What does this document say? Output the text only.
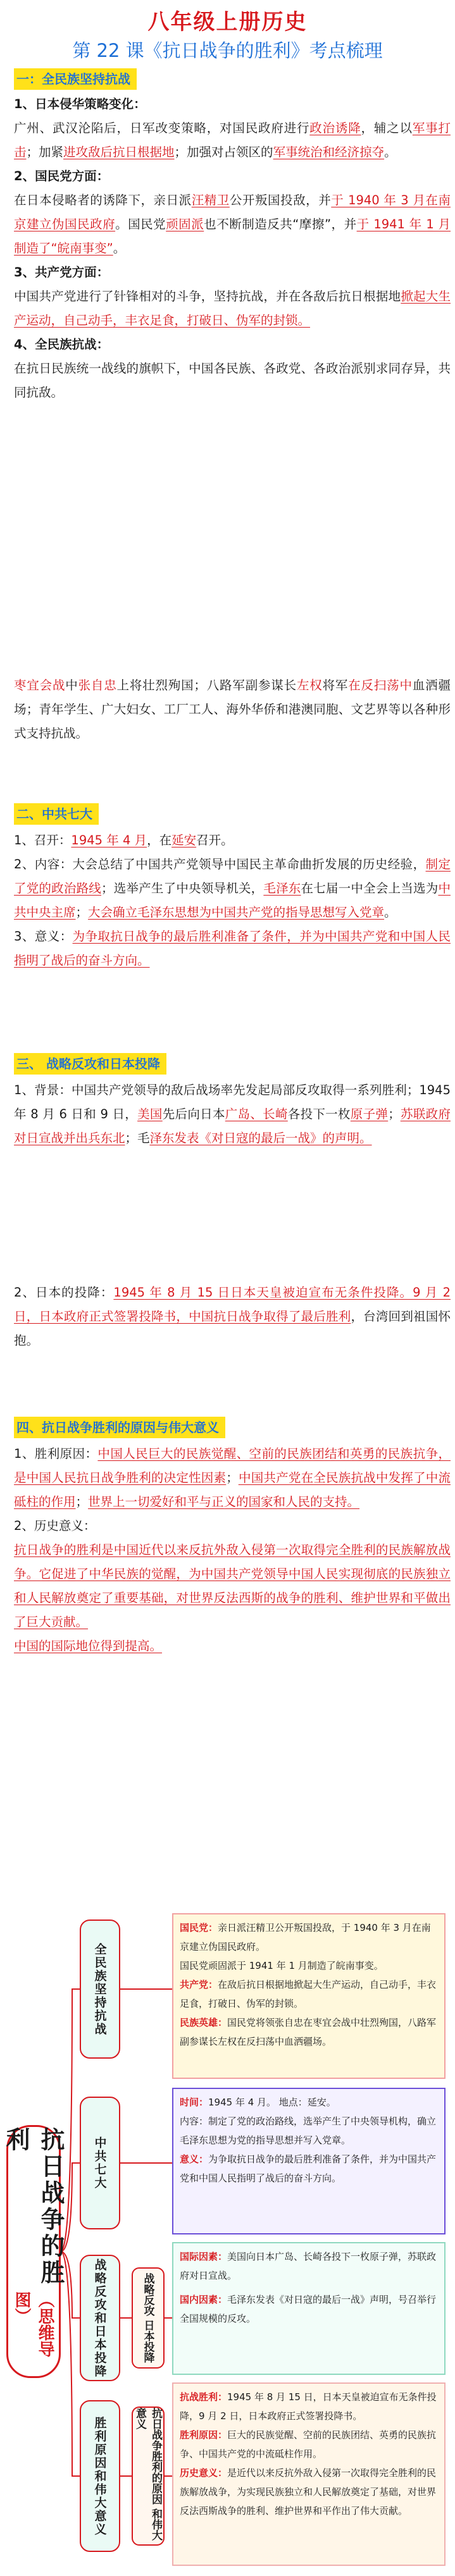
八年级上册历史
第 22 课《抗日战争的胜利》考点梳理
一：全民族坚持抗战
1、日本侵华策略变化：
广州、武汉沦陷后，日军改变策略，对国民政府进行政治诱降，辅之以军事打击；加紧进攻敌后抗日根据地；加强对占领区的军事统治和经济掠夺。
2、国民党方面：
在日本侵略者的诱降下，亲日派汪精卫公开叛国投敌，并于 1940 年 3 月在南京建立伪国民政府。国民党顽固派也不断制造反共“摩擦”，并于 1941 年 1 月制造了“皖南事变”。
3、共产党方面：
中国共产党进行了针锋相对的斗争，坚持抗战，并在各敌后抗日根据地掀起大生产运动，自己动手，丰衣足食，打破日、伪军的封锁。
4、全民族抗战：
在抗日民族统一战线的旗帜下，中国各民族、各政党、各政治派别求同存异，共同抗敌。
枣宜会战中张自忠上将壮烈殉国；八路军副参谋长左权将军在反扫荡中血洒疆场；青年学生、广大妇女、工厂工人、海外华侨和港澳同胞、文艺界等以各种形式支持抗战。
二、中共七大
1、召开：1945 年 4 月，在延安召开。
2、内容：大会总结了中国共产党领导中国民主革命曲折发展的历史经验，制定了党的政治路线；选举产生了中央领导机关，毛泽东在七届一中全会上当选为中共中央主席；大会确立毛泽东思想为中国共产党的指导思想写入党章。
3、意义：为争取抗日战争的最后胜利准备了条件，并为中国共产党和中国人民指明了战后的奋斗方向。
三、 战略反攻和日本投降
1、背景：中国共产党领导的敌后战场率先发起局部反攻取得一系列胜利；1945 年 8 月 6 日和 9 日，美国先后向日本广岛、长崎各投下一枚原子弹；苏联政府对日宣战并出兵东北；毛泽东发表《对日寇的最后一战》的声明。
2、日本的投降：1945 年 8 月 15 日日本天皇被迫宣布无条件投降。9 月 2 日，日本政府正式签署投降书，中国抗日战争取得了最后胜利，台湾回到祖国怀抱。
四、抗日战争胜利的原因与伟大意义
1、胜利原因：中国人民巨大的民族觉醒、空前的民族团结和英勇的民族抗争，是中国人民抗日战争胜利的决定性因素；中国共产党在全民族抗战中发挥了中流砥柱的作用；世界上一切爱好和平与正义的国家和人民的支持。
2、历史意义：
抗日战争的胜利是中国近代以来反抗外敌入侵第一次取得完全胜利的民族解放战争。它促进了中华民族的觉醒，为中国共产党领导中国人民实现彻底的民族独立和人民解放奠定了重要基础，对世界反法西斯的战争的胜利、维护世界和平做出了巨大贡献。
中国的国际地位得到提高。
抗日战争的胜利
（思维导图）
全民族坚持抗战
中共七大
战略反攻和日本投降
胜利原因和伟大意义
战略反攻 日本投降
抗日战争胜利的原因 和伟大意义
国民党：亲日派汪精卫公开叛国投敌，于 1940 年 3 月在南京建立伪国民政府。
国民党顽固派于 1941 年 1 月制造了皖南事变。
共产党：在敌后抗日根据地掀起大生产运动，自己动手，丰衣足食，打破日、伪军的封锁。
民族英雄：国民党将领张自忠在枣宜会战中壮烈殉国，八路军副参谋长左权在反扫荡中血洒疆场。
时间：1945 年 4 月。 地点：延安。
内容：制定了党的政治路线，选举产生了中央领导机构，确立毛泽东思想为党的指导思想并写入党章。
意义：为争取抗日战争的最后胜利准备了条件，并为中国共产党和中国人民指明了战后的奋斗方向。
国际因素：美国向日本广岛、长崎各投下一枚原子弹，苏联政府对日宣战。
国内因素：毛泽东发表《对日寇的最后一战》声明，号召举行全国规模的反攻。
抗战胜利：1945 年 8 月 15 日，日本天皇被迫宣布无条件投降，9 月 2 日，日本政府正式签署投降书。
胜利原因：巨大的民族觉醒、空前的民族团结、英勇的民族抗争、中国共产党的中流砥柱作用。
历史意义：是近代以来反抗外敌入侵第一次取得完全胜利的民族解放战争，为实现民族独立和人民解放奠定了基础，对世界反法西斯战争的胜利、维护世界和平作出了伟大贡献。
